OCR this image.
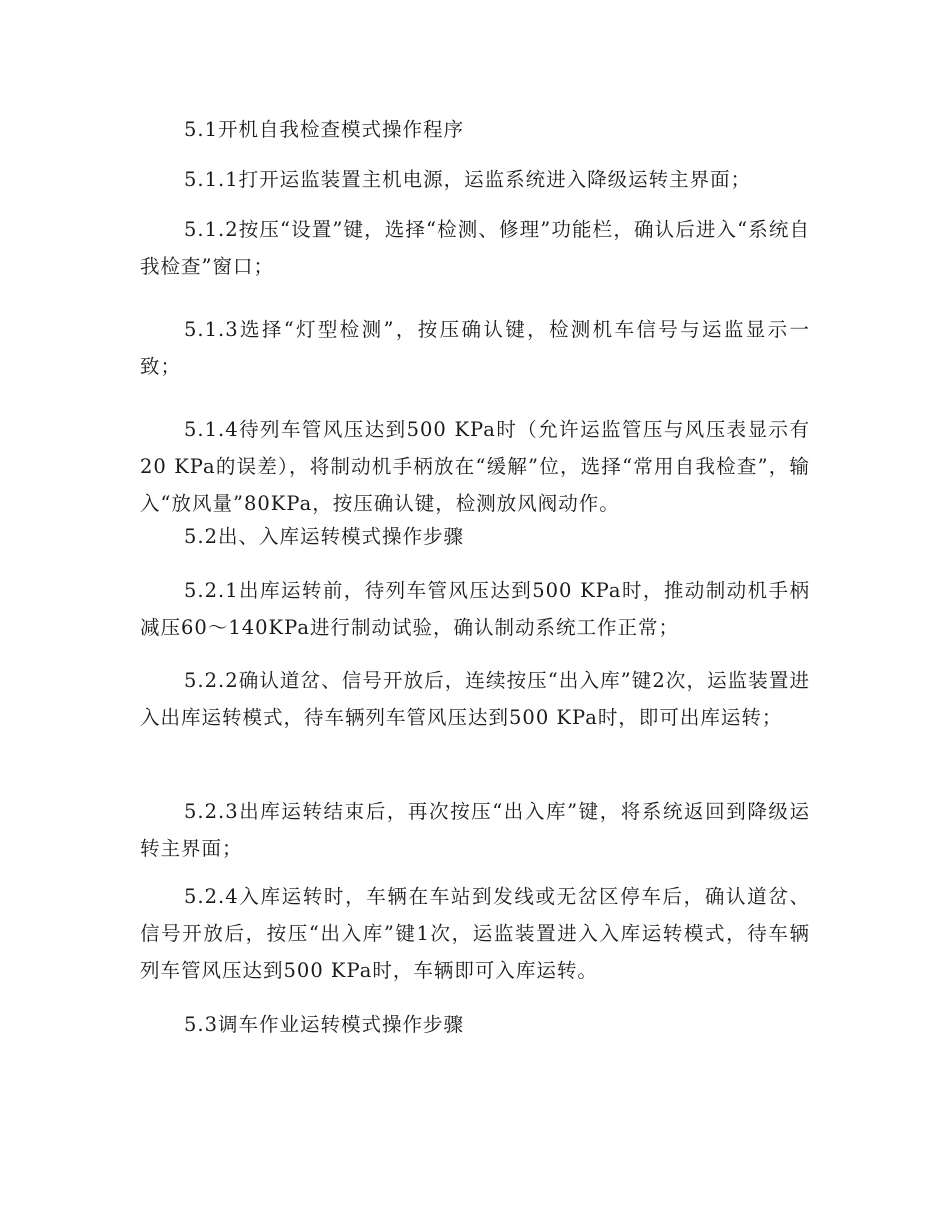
5.1开机自我检查模式操作程序

5.1.1打开运监装置主机电源，运监系统进入降级运转主界面；

5.1.2按压“设置”键，选择“检测、修理”功能栏，确认后进入“系统自我检查”窗口；

5.1.3选择“灯型检测”，按压确认键，检测机车信号与运监显示一致；

5.1.4待列车管风压达到500 KPa时（允许运监管压与风压表显示有20 KPa的误差），将制动机手柄放在“缓解”位，选择“常用自我检查”，输入“放风量”80KPa，按压确认键，检测放风阀动作。

5.2出、入库运转模式操作步骤

5.2.1出库运转前，待列车管风压达到500 KPa时，推动制动机手柄减压60～140KPa进行制动试验，确认制动系统工作正常；

5.2.2确认道岔、信号开放后，连续按压“出入库”键2次，运监装置进入出库运转模式，待车辆列车管风压达到500 KPa时，即可出库运转；

5.2.3出库运转结束后，再次按压“出入库”键，将系统返回到降级运转主界面；

5.2.4入库运转时，车辆在车站到发线或无岔区停车后，确认道岔、信号开放后，按压“出入库”键1次，运监装置进入入库运转模式，待车辆列车管风压达到500 KPa时，车辆即可入库运转。

5.3调车作业运转模式操作步骤
